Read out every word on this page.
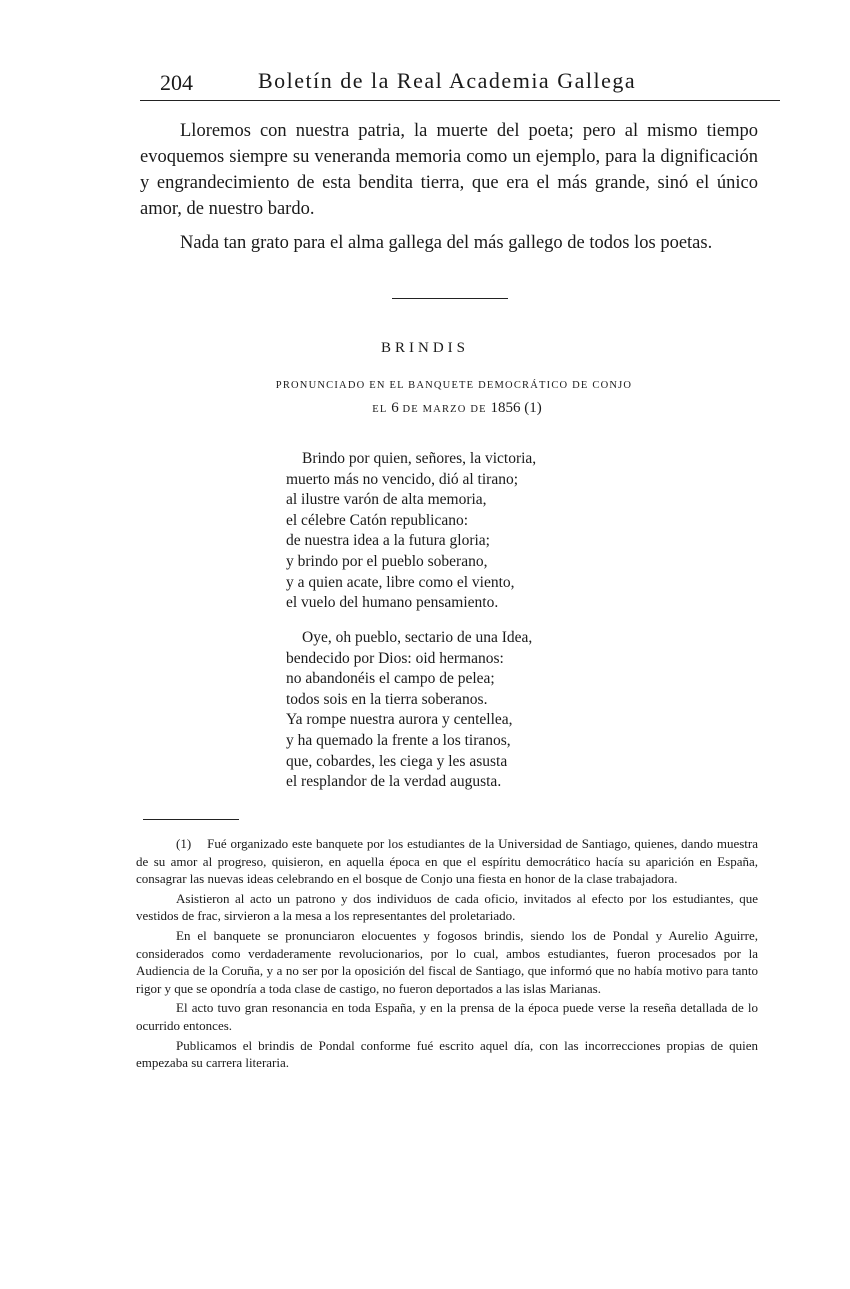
204	Boletín de la Real Academia Gallega

Lloremos con nuestra patria, la muerte del poeta; pero al mismo tiempo evoquemos siempre su veneranda memoria como un ejemplo, para la dignificación y engrandecimiento de esta bendita tierra, que era el más grande, sinó el único amor, de nuestro bardo.

Nada tan grato para el alma gallega del más gallego de todos los poetas.

BRINDIS
PRONUNCIADO EN EL BANQUETE DEMOCRÁTICO DE CONJO
EL 6 DE MARZO DE 1856 (1)
Brindo por quien, señores, la victoria,
muerto más no vencido, dió al tirano;
al ilustre varón de alta memoria,
el célebre Catón republicano:
de nuestra idea a la futura gloria;
y brindo por el pueblo soberano,
y a quien acate, libre como el viento,
el vuelo del humano pensamiento.
Oye, oh pueblo, sectario de una Idea,
bendecido por Dios: oid hermanos:
no abandonéis el campo de pelea;
todos sois en la tierra soberanos.
Ya rompe nuestra aurora y centellea,
y ha quemado la frente a los tiranos,
que, cobardes, les ciega y les asusta
el resplandor de la verdad augusta.

(1) Fué organizado este banquete por los estudiantes de la Universidad de Santiago, quienes, dando muestra de su amor al progreso, quisieron, en aquella época en que el espíritu democrático hacía su aparición en España, consagrar las nuevas ideas celebrando en el bosque de Conjo una fiesta en honor de la clase trabajadora.

Asistieron al acto un patrono y dos individuos de cada oficio, invitados al efecto por los estudiantes, que vestidos de frac, sirvieron a la mesa a los representantes del proletariado.

En el banquete se pronunciaron elocuentes y fogosos brindis, siendo los de Pondal y Aurelio Aguirre, considerados como verdaderamente revolucionarios, por lo cual, ambos estudiantes, fueron procesados por la Audiencia de la Coruña, y a no ser por la oposición del fiscal de Santiago, que informó que no había motivo para tanto rigor y que se opondría a toda clase de castigo, no fueron deportados a las islas Marianas.

El acto tuvo gran resonancia en toda España, y en la prensa de la época puede verse la reseña detallada de lo ocurrido entonces.

Publicamos el brindis de Pondal conforme fué escrito aquel día, con las incorrecciones propias de quien empezaba su carrera literaria.
